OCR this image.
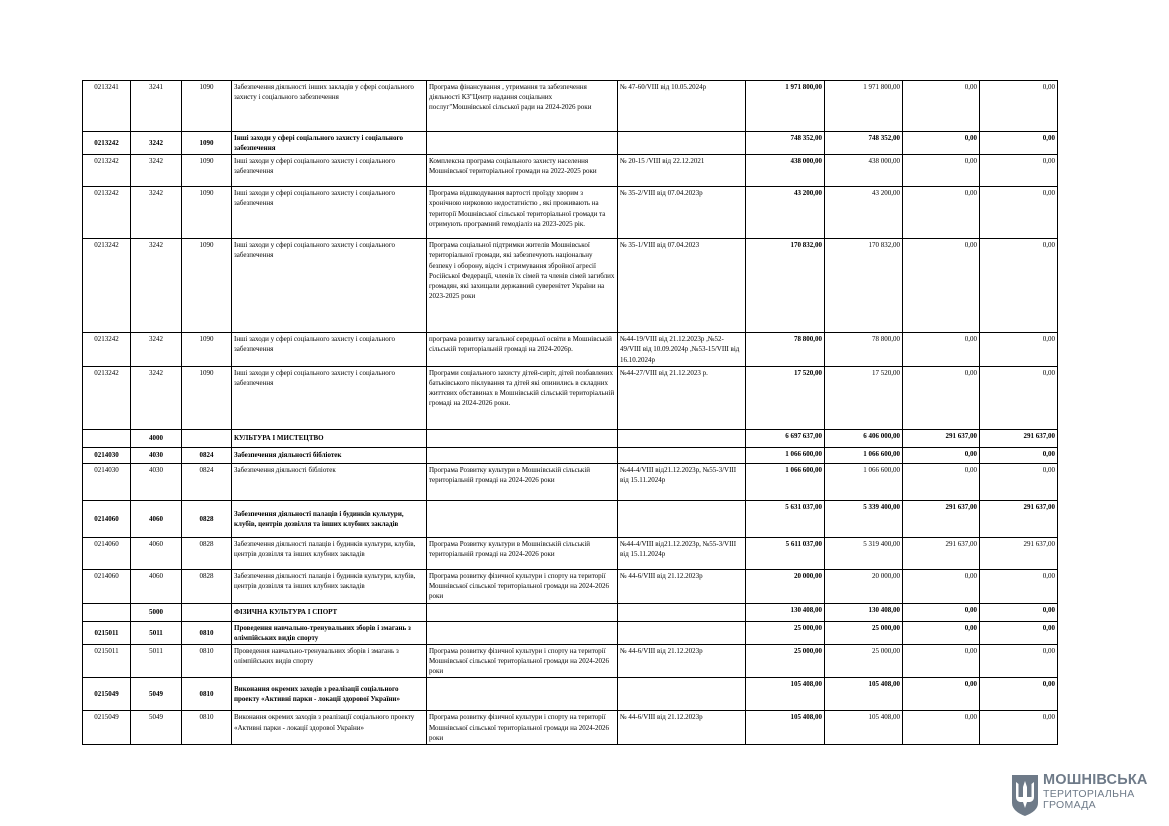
0213241	3241	1090	Забезпечення діяльності інших закладів у сфері соціального захисту і соціального забезпечення	Програма фінансування , утримання та забезпечення діяльності КЗ"Центр надання соціальних послуг"Мошнівської сільської ради на 2024-2026 роки	№ 47-60/VIII від 10.05.2024р	1 971 800,00	1 971 800,00	0,00	0,00
0213242	3242	1090	Інші заходи у сфері соціального захисту і соціального забезпечення			748 352,00	748 352,00	0,00	0,00
0213242	3242	1090	Інші заходи у сфері соціального захисту і соціального забезпечення	Комплексна програма соціального захисту населення Мошнівської територіальної громади на 2022-2025 роки	№ 20-15 /VIII від 22.12.2021	438 000,00	438 000,00	0,00	0,00
0213242	3242	1090	Інші заходи у сфері соціального захисту і соціального забезпечення	Програма відшкодування вартості проїзду хворим з хронічною нирковою недостатністю , які проживають на території Мошнівської сільської територіальної громади та отримують програмний гемодіаліз на 2023-2025 рік.	№ 35-2/VIII від 07.04.2023р	43 200,00	43 200,00	0,00	0,00
0213242	3242	1090	Інші заходи у сфері соціального захисту і соціального забезпечення	Програма соціальної підтримки жителів Мошнівської територіальної громади, які забезпечують національну безпеку і оборону, відсіч і стримування збройної агресії Російської Федерації, членів їх сімей та членів сімей загиблих громадян, які захищали державний суверенітет України на 2023-2025 роки	№ 35-1/VIII від 07.04.2023	170 832,00	170 832,00	0,00	0,00
0213242	3242	1090	Інші заходи у сфері соціального захисту і соціального забезпечення	програма розвитку загальної середньої освіти в Мошнівській сільській територіальній громаді на 2024-2026р.	№44-19/VIII від 21.12.2023р ,№52-49/VIII від 10.09.2024р ,№53-15/VIII від 16.10.2024р	78 800,00	78 800,00	0,00	0,00
0213242	3242	1090	Інші заходи у сфері соціального захисту і соціального забезпечення	Програми соціального захисту дітей-сиріт, дітей позбавлених батьківського піклування та дітей які опинились в складних життєвих обставинах в Мошнівській сільській територіальній громаді на 2024-2026 роки.	№44-27/VIII від 21.12.2023 р.	17 520,00	17 520,00	0,00	0,00
	4000		КУЛЬТУРА І МИСТЕЦТВО			6 697 637,00	6 406 000,00	291 637,00	291 637,00
0214030	4030	0824	Забезпечення діяльності бібліотек			1 066 600,00	1 066 600,00	0,00	0,00
0214030	4030	0824	Забезпечення діяльності бібліотек	Програма Розвитку культури в Мошнівській сільській територіальній громаді на 2024-2026 роки	№44-4/VIII від21.12.2023р, №55-3/VIII від 15.11.2024р	1 066 600,00	1 066 600,00	0,00	0,00
0214060	4060	0828	Забезпечення діяльності палаців i будинків культури, клубів, центрів дозвілля та iнших клубних закладів			5 631 037,00	5 339 400,00	291 637,00	291 637,00
0214060	4060	0828	Забезпечення діяльності палаців i будинків культури, клубів, центрів дозвілля та iнших клубних закладів	Програма Розвитку культури в Мошнівській сільській територіальній громаді на 2024-2026 роки	№44-4/VIII від21.12.2023р, №55-3/VIII від 15.11.2024р	5 611 037,00	5 319 400,00	291 637,00	291 637,00
0214060	4060	0828	Забезпечення діяльності палаців i будинків культури, клубів, центрів дозвілля та iнших клубних закладів	Програма розвитку фізичної культури і спорту на території Мошнівської сільської територіальної громади на 2024-2026 роки	№ 44-6/VIII від 21.12.2023р	20 000,00	20 000,00	0,00	0,00
	5000		ФІЗИЧНА КУЛЬТУРА І СПОРТ			130 408,00	130 408,00	0,00	0,00
0215011	5011	0810	Проведення навчально-тренувальних зборів і змагань з олімпійських видів спорту			25 000,00	25 000,00	0,00	0,00
0215011	5011	0810	Проведення навчально-тренувальних зборів і змагань з олімпійських видів спорту	Програма розвитку фізичної культури і спорту на території Мошнівської сільської територіальної громади на 2024-2026 роки	№ 44-6/VIII від 21.12.2023р	25 000,00	25 000,00	0,00	0,00
0215049	5049	0810	Виконання окремих заходів з реалізації соціального проекту «Активні парки - локації здорової України»			105 408,00	105 408,00	0,00	0,00
0215049	5049	0810	Виконання окремих заходів з реалізації соціального проекту «Активні парки - локації здорової України»	Програма розвитку фізичної культури і спорту на території Мошнівської сільської територіальної громади на 2024-2026 роки	№ 44-6/VIII від 21.12.2023р	105 408,00	105 408,00	0,00	0,00
МОШНІВСЬКА
ТЕРИТОРІАЛЬНА
ГРОМАДА
